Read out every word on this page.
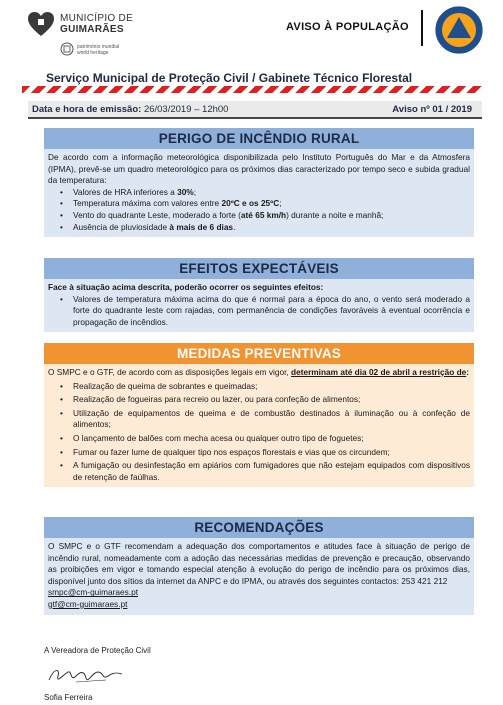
MUNICÍPIO DE
GUIMARÃES
património mundial
world heritage
AVISO À POPULAÇÃO
Serviço Municipal de Proteção Civil / Gabinete Técnico Florestal
Data e hora de emissão: 26/03/2019 – 12h00	Aviso nº 01 / 2019
PERIGO DE INCÊNDIO RURAL
De acordo com a informação meteorológica disponibilizada pelo Instituto Português do Mar e da Atmosfera (IPMA), prevê-se um quadro meteorológico para os próximos dias caracterizado por tempo seco e subida gradual da temperatura:
• Valores de HRA inferiores a 30%;
• Temperatura máxima com valores entre 20ºC e os 25ºC;
• Vento do quadrante Leste, moderado a forte (até 65 km/h) durante a noite e manhã;
• Ausência de pluviosidade à mais de 6 dias.
EFEITOS EXPECTÁVEIS
Face à situação acima descrita, poderão ocorrer os seguintes efeitos:
• Valores de temperatura máxima acima do que é normal para a época do ano, o vento será moderado a forte do quadrante leste com rajadas, com permanência de condições favoráveis à eventual ocorrência e propagação de incêndios.
MEDIDAS PREVENTIVAS
O SMPC e o GTF, de acordo com as disposições legais em vigor, determinam até dia 02 de abril a restrição de:
• Realização de queima de sobrantes e queimadas;
• Realização de fogueiras para recreio ou lazer, ou para confeção de alimentos;
• Utilização de equipamentos de queima e de combustão destinados à iluminação ou à confeção de alimentos;
• O lançamento de balões com mecha acesa ou qualquer outro tipo de foguetes;
• Fumar ou fazer lume de qualquer tipo nos espaços florestais e vias que os circundem;
• A fumigação ou desinfestação em apiários com fumigadores que não estejam equipados com dispositivos de retenção de faúlhas.
RECOMENDAÇÕES
O SMPC e o GTF recomendam a adequação dos comportamentos e atitudes face à situação de perigo de incêndio rural, nomeadamente com a adoção das necessárias medidas de prevenção e precaução, observando as proibições em vigor e tomando especial atenção à evolução do perigo de incêndio para os próximos dias, disponível junto dos sítios da internet da ANPC e do IPMA, ou através dos seguintes contactos: 253 421 212
smpc@cm-guimaraes.pt
gtf@cm-guimaraes.pt
A Vereadora de Proteção Civil
Sofia Ferreira
